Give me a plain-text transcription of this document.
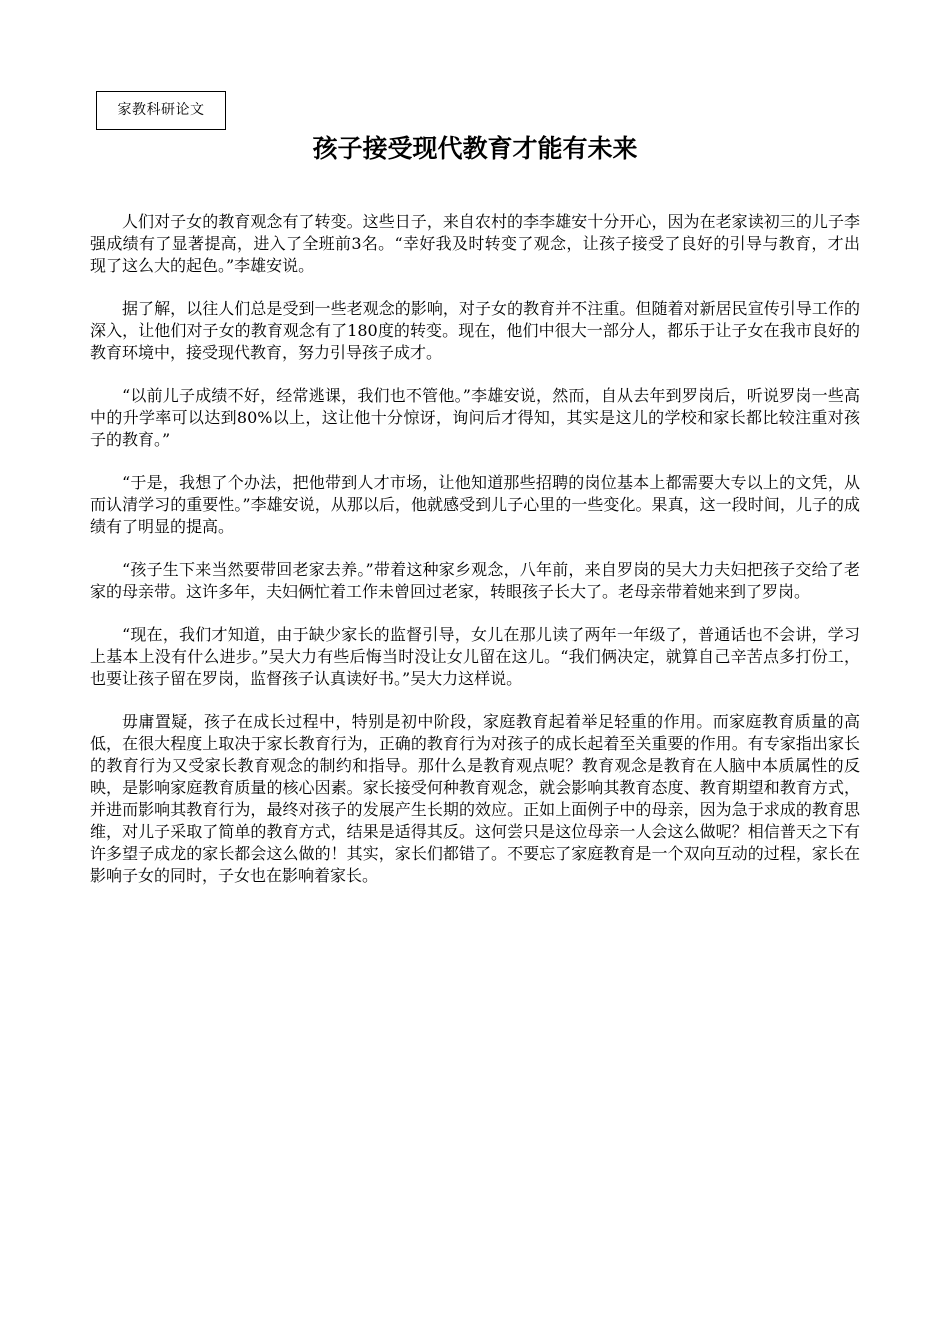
家教科研论文
孩子接受现代教育才能有未来

人们对子女的教育观念有了转变。这些日子，来自农村的李李雄安十分开心，因为在老家读初三的儿子李强成绩有了显著提高，进入了全班前3名。“幸好我及时转变了观念，让孩子接受了良好的引导与教育，才出现了这么大的起色。”李雄安说。

据了解，以往人们总是受到一些老观念的影响，对子女的教育并不注重。但随着对新居民宣传引导工作的深入，让他们对子女的教育观念有了180度的转变。现在，他们中很大一部分人，都乐于让子女在我市良好的教育环境中，接受现代教育，努力引导孩子成才。

“以前儿子成绩不好，经常逃课，我们也不管他。”李雄安说，然而，自从去年到罗岗后，听说罗岗一些高中的升学率可以达到80%以上，这让他十分惊讶，询问后才得知，其实是这儿的学校和家长都比较注重对孩子的教育。”

“于是，我想了个办法，把他带到人才市场，让他知道那些招聘的岗位基本上都需要大专以上的文凭，从而认清学习的重要性。”李雄安说，从那以后，他就感受到儿子心里的一些变化。果真，这一段时间，儿子的成绩有了明显的提高。

“孩子生下来当然要带回老家去养。”带着这种家乡观念，八年前，来自罗岗的吴大力夫妇把孩子交给了老家的母亲带。这许多年，夫妇俩忙着工作未曾回过老家，转眼孩子长大了。老母亲带着她来到了罗岗。

“现在，我们才知道，由于缺少家长的监督引导，女儿在那儿读了两年一年级了，普通话也不会讲，学习上基本上没有什么进步。”吴大力有些后悔当时没让女儿留在这儿。“我们俩决定，就算自己辛苦点多打份工，也要让孩子留在罗岗，监督孩子认真读好书。”吴大力这样说。

毋庸置疑，孩子在成长过程中，特别是初中阶段，家庭教育起着举足轻重的作用。而家庭教育质量的高低，在很大程度上取决于家长教育行为，正确的教育行为对孩子的成长起着至关重要的作用。有专家指出家长的教育行为又受家长教育观念的制约和指导。那什么是教育观点呢？教育观念是教育在人脑中本质属性的反映，是影响家庭教育质量的核心因素。家长接受何种教育观念，就会影响其教育态度、教育期望和教育方式，并进而影响其教育行为，最终对孩子的发展产生长期的效应。正如上面例子中的母亲，因为急于求成的教育思维，对儿子采取了简单的教育方式，结果是适得其反。这何尝只是这位母亲一人会这么做呢？相信普天之下有许多望子成龙的家长都会这么做的！其实，家长们都错了。不要忘了家庭教育是一个双向互动的过程，家长在影响子女的同时，子女也在影响着家长。
